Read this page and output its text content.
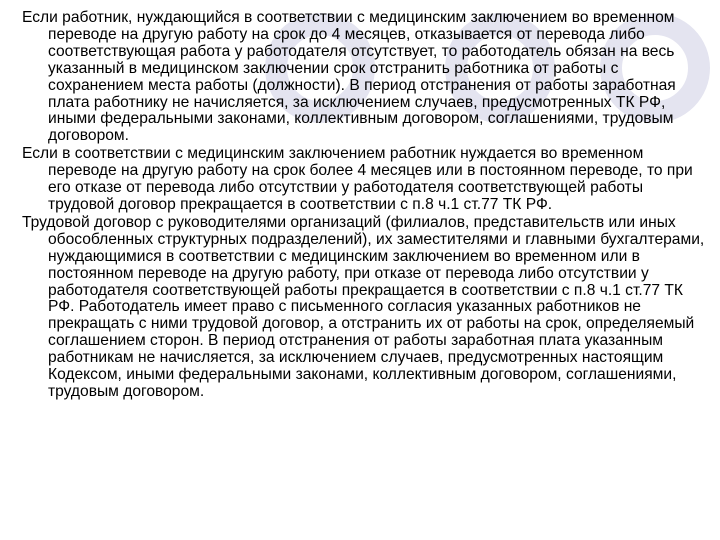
Если работник, нуждающийся в соответствии с медицинским заключением во временном переводе на другую работу на срок до 4 месяцев, отказывается от перевода либо соответствующая работа у работодателя отсутствует, то работодатель обязан на весь указанный в медицинском заключении срок отстранить работника от работы с сохранением места работы (должности). В период отстранения от работы заработная плата работнику не начисляется, за исключением случаев, предусмотренных ТК РФ, иными федеральными законами, коллективным договором, соглашениями, трудовым договором.
Если в соответствии с медицинским заключением работник нуждается во временном переводе на другую работу на срок более 4 месяцев или в постоянном переводе, то при его отказе от перевода либо отсутствии у работодателя соответствующей работы трудовой договор прекращается в соответствии с п.8 ч.1 ст.77 ТК РФ.
Трудовой договор с руководителями организаций (филиалов, представительств или иных обособленных структурных подразделений), их заместителями и главными бухгалтерами, нуждающимися в соответствии с медицинским заключением во временном или в постоянном переводе на другую работу, при отказе от перевода либо отсутствии у работодателя соответствующей работы прекращается в соответствии с п.8 ч.1 ст.77 ТК РФ. Работодатель имеет право с письменного согласия указанных работников не прекращать с ними трудовой договор, а отстранить их от работы на срок, определяемый соглашением сторон. В период отстранения от работы заработная плата указанным работникам не начисляется, за исключением случаев, предусмотренных настоящим Кодексом, иными федеральными законами, коллективным договором, соглашениями, трудовым договором.
